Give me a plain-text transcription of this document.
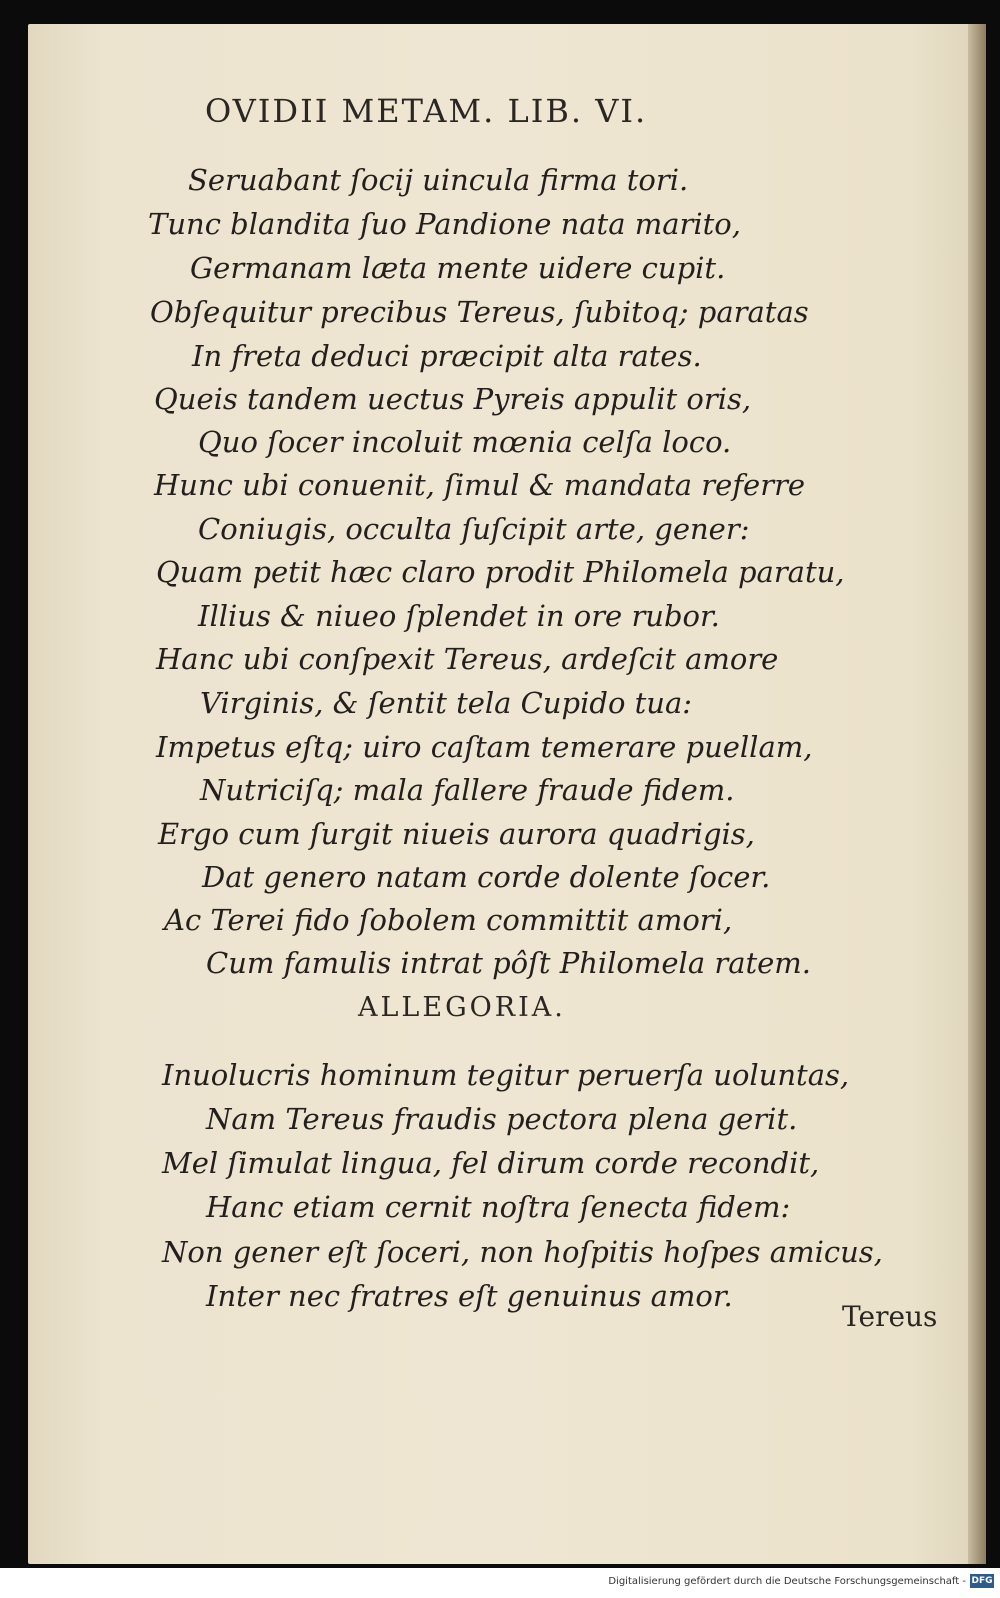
OVIDII METAM. LIB. VI.
Seruabant ſocij uincula firma tori.
Tunc blandita ſuo Pandione nata marito,
Germanam læta mente uidere cupit.
Obſequitur precibus Tereus, ſubitoq; paratas
In freta deduci præcipit alta rates.
Queis tandem uectus Pyreis appulit oris,
Quo ſocer incoluit mœnia celſa loco.
Hunc ubi conuenit, ſimul & mandata referre
Coniugis, occulta ſuſcipit arte, gener:
Quam petit hæc claro prodit Philomela paratu,
Illius & niueo ſplendet in ore rubor.
Hanc ubi conſpexit Tereus, ardeſcit amore
Virginis, & ſentit tela Cupido tua:
Impetus eſtq; uiro caſtam temerare puellam,
Nutriciſq; mala fallere fraude fidem.
Ergo cum ſurgit niueis aurora quadrigis,
Dat genero natam corde dolente ſocer.
Ac Terei fido ſobolem committit amori,
Cum famulis intrat pôſt Philomela ratem.
ALLEGORIA.
Inuolucris hominum tegitur peruerſa uoluntas,
Nam Tereus fraudis pectora plena gerit.
Mel ſimulat lingua, fel dirum corde recondit,
Hanc etiam cernit noſtra ſenecta fidem:
Non gener eſt ſoceri, non hoſpitis hoſpes amicus,
Inter nec fratres eſt genuinus amor.
Tereus
Digitalisierung gefördert durch die Deutsche Forschungsgemeinschaft - DFG
